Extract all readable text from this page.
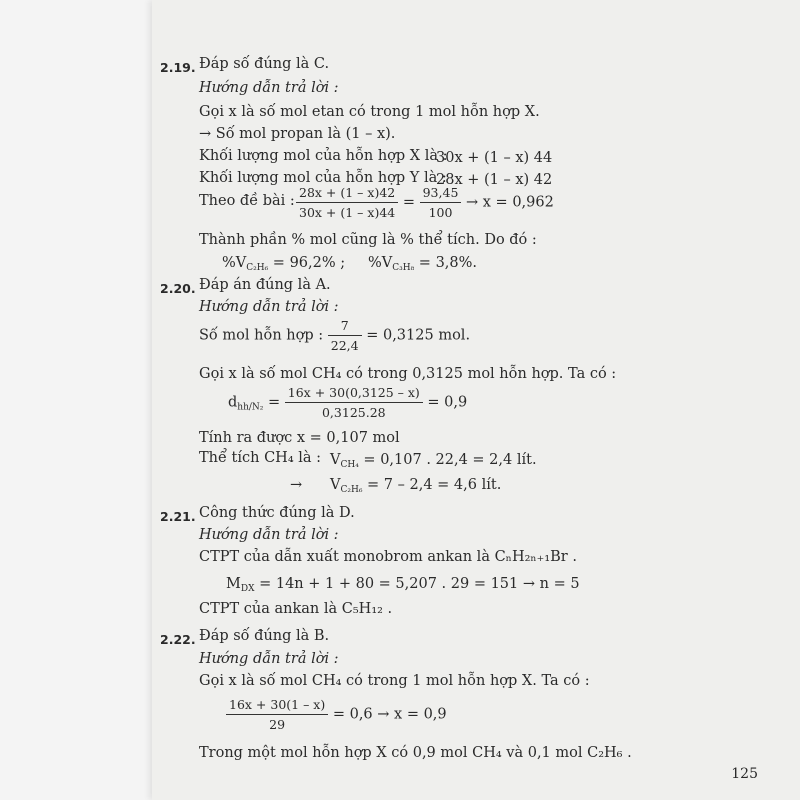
2.19. Đáp số đúng là C.
Hướng dẫn trả lời :
Gọi x là số mol etan có trong 1 mol hỗn hợp X.
→ Số mol propan là (1 – x).
Khối lượng mol của hỗn hợp X là :
30x + (1 – x) 44
Khối lượng mol của hỗn hợp Y là :
28x + (1 – x) 42
Theo đề bài : $\frac{28x + (1 - x)42}{30x + (1 - x)44} = \frac{93,45}{100} \to x = 0,962$
Thành phần % mol cũng là % thể tích. Do đó :
$\%V_{C_2H_6} = 96,2\%$ ; $\%V_{C_3H_8} = 3,8\%$.
2.20. Đáp án đúng là A.
Hướng dẫn trả lời :
Số mol hỗn hợp : $\frac{7}{22,4} = 0,3125$ mol.
Gọi x là số mol CH₄ có trong 0,3125 mol hỗn hợp. Ta có :
$d_{hh/N_2} = \frac{16x + 30(0,3125 - x)}{0,3125.28} = 0,9$
Tính ra được x = 0,107 mol
Thể tích CH₄ là : $V_{CH_4} = 0,107$ . 22,4 = 2,4 lít.
→ $V_{C_2H_6} = 7 - 2,4 = 4,6$ lít.
2.21. Công thức đúng là D.
Hướng dẫn trả lời :
CTPT của dẫn xuất monobrom ankan là CₙH₂ₙ₊₁Br .
$M_{DX} = 14n + 1 + 80 = 5,207$ . 29 = 151 → n = 5
CTPT của ankan là C₅H₁₂ .
2.22. Đáp số đúng là B.
Hướng dẫn trả lời :
Gọi x là số mol CH₄ có trong 1 mol hỗn hợp X. Ta có :
$\frac{16x + 30(1 - x)}{29} = 0,6 \to x = 0,9$
Trong một mol hỗn hợp X có 0,9 mol CH₄ và 0,1 mol C₂H₆ .
125
